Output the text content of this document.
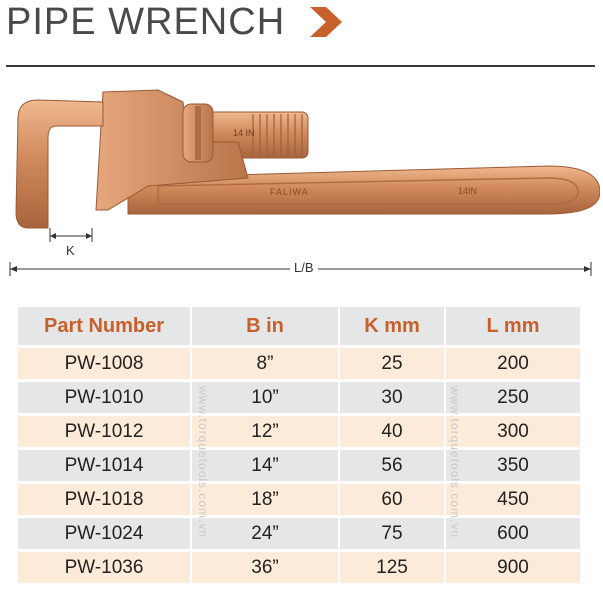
PIPE WRENCH
14 IN
FALIWA	14IN
K
L/B
Part Number	B in	K mm	L mm
PW-1008	8”	25	200
PW-1010	10”	30	250
PW-1012	12”	40	300
PW-1014	14”	56	350
PW-1018	18”	60	450
PW-1024	24”	75	600
PW-1036	36”	125	900
www.torquetools.com.vn	www.torquetools.com.vn
